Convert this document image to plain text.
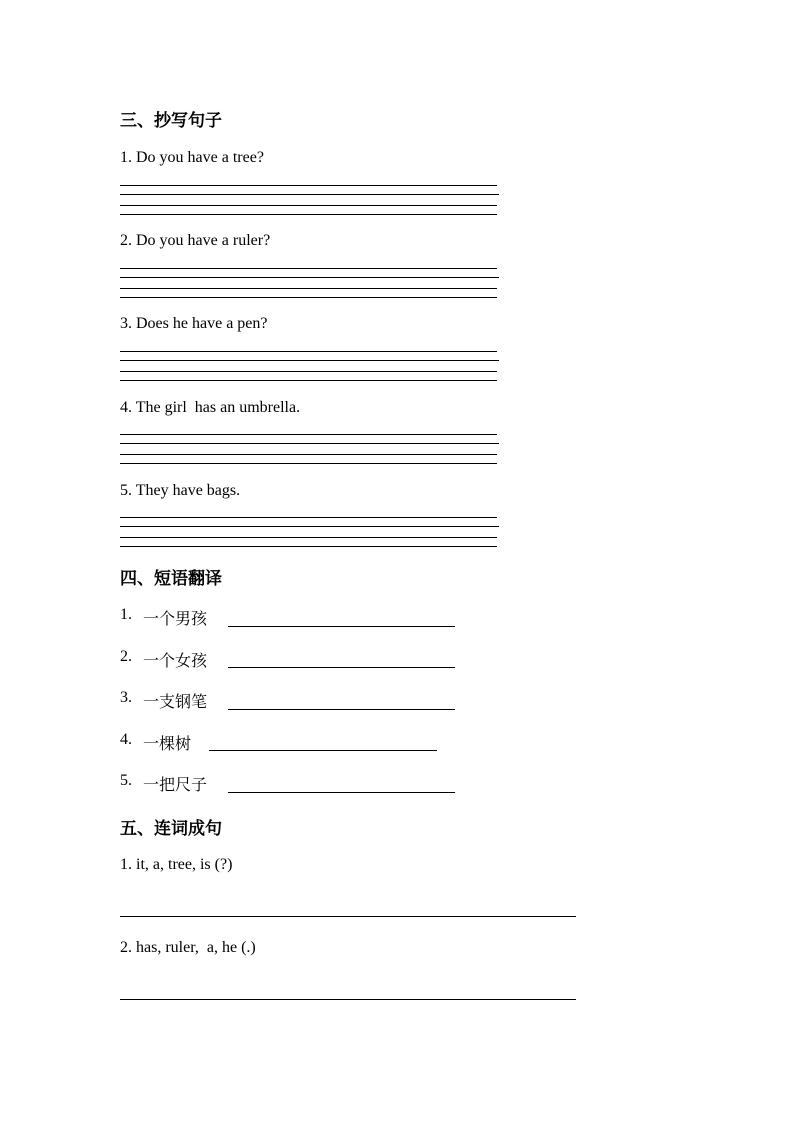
三、抄写句子
1. Do you have a tree?
2. Do you have a ruler?
3. Does he have a pen?
4. The girl  has an umbrella.
5. They have bags.
四、短语翻译
1. 一个男孩
2. 一个女孩
3. 一支钢笔
4. 一棵树
5. 一把尺子
五、连词成句
1. it, a, tree, is (?)
2. has, ruler,  a, he (.)
